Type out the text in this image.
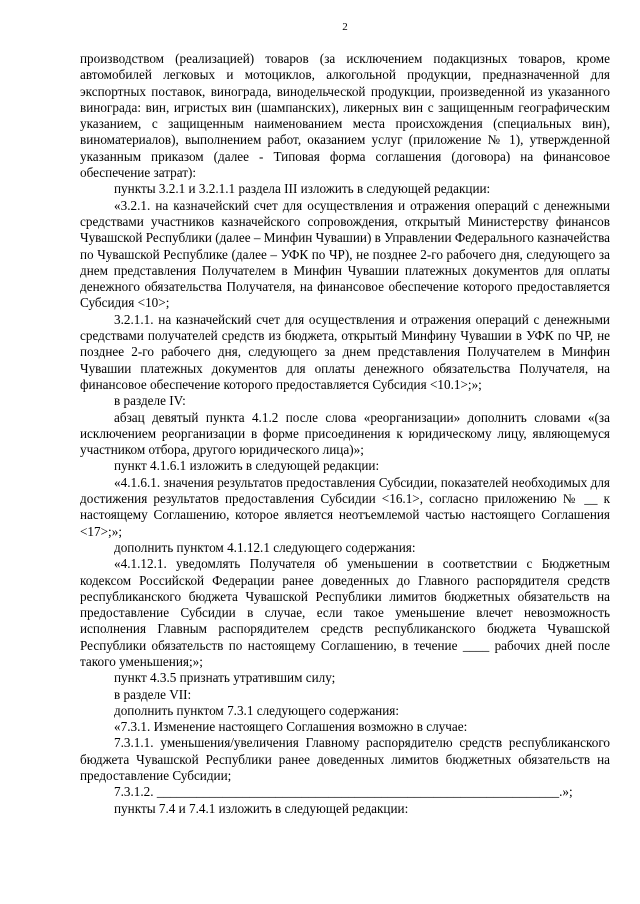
2

производством (реализацией) товаров (за исключением подакцизных товаров, кроме автомобилей легковых и мотоциклов, алкогольной продукции, предназначенной для экспортных поставок, винограда, винодельческой продукции, произведенной из указанного винограда: вин, игристых вин (шампанских), ликерных вин с защищенным географическим указанием, с защищенным наименованием места происхождения (специальных вин), виноматериалов), выполнением работ, оказанием услуг (приложение № 1), утвержденной указанным приказом (далее - Типовая форма соглашения (договора) на финансовое обеспечение затрат):

пункты 3.2.1 и 3.2.1.1 раздела III изложить в следующей редакции:

«3.2.1. на казначейский счет для осуществления и отражения операций с денежными средствами участников казначейского сопровождения, открытый Министерству финансов Чувашской Республики (далее – Минфин Чувашии) в Управлении Федерального казначейства по Чувашской Республике (далее – УФК по ЧР), не позднее 2-го рабочего дня, следующего за днем представления Получателем в Минфин Чувашии платежных документов для оплаты денежного обязательства Получателя, на финансовое обеспечение которого предоставляется Субсидия <10>;

3.2.1.1. на казначейский счет для осуществления и отражения операций с денежными средствами получателей средств из бюджета, открытый Минфину Чувашии в УФК по ЧР, не позднее 2-го рабочего дня, следующего за днем представления Получателем в Минфин Чувашии платежных документов для оплаты денежного обязательства Получателя, на финансовое обеспечение которого предоставляется Субсидия <10.1>;»;

в разделе IV:

абзац девятый пункта 4.1.2 после слова «реорганизации» дополнить словами «(за исключением реорганизации в форме присоединения к юридическому лицу, являющемуся участником отбора, другого юридического лица)»;

пункт 4.1.6.1 изложить в следующей редакции:

«4.1.6.1. значения результатов предоставления Субсидии, показателей необходимых для достижения результатов предоставления Субсидии <16.1>, согласно приложению № __ к настоящему Соглашению, которое является неотъемлемой частью настоящего Соглашения <17>;»;

дополнить пунктом 4.1.12.1 следующего содержания:

«4.1.12.1. уведомлять Получателя об уменьшении в соответствии с Бюджетным кодексом Российской Федерации ранее доведенных до Главного распорядителя средств республиканского бюджета Чувашской Республики лимитов бюджетных обязательств на предоставление Субсидии в случае, если такое уменьшение влечет невозможность исполнения Главным распорядителем средств республиканского бюджета Чувашской Республики обязательств по настоящему Соглашению, в течение ____ рабочих дней после такого уменьшения;»;

пункт 4.3.5 признать утратившим силу;

в разделе VII:

дополнить пунктом 7.3.1 следующего содержания:

«7.3.1. Изменение настоящего Соглашения возможно в случае:

7.3.1.1. уменьшения/увеличения Главному распорядителю средств республиканского бюджета Чувашской Республики ранее доведенных лимитов бюджетных обязательств на предоставление Субсидии;

7.3.1.2. _____________________________________________________________.»;

пункты 7.4 и 7.4.1 изложить в следующей редакции:
